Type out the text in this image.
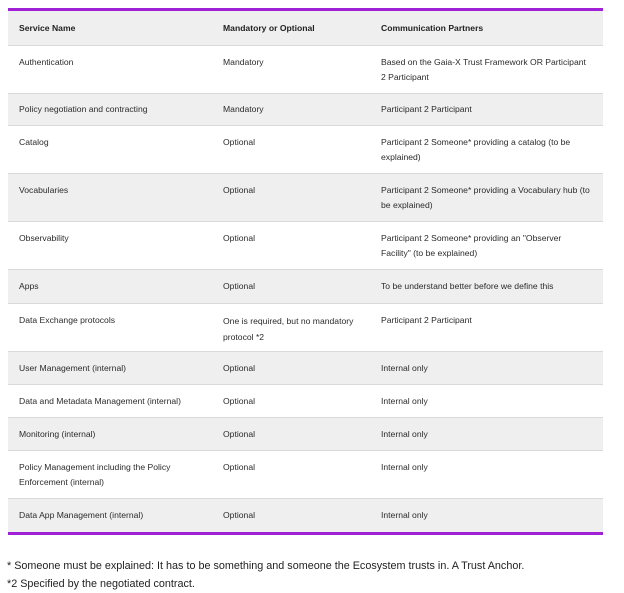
Service Name	Mandatory or Optional	Communication Partners

Authentication	Mandatory	Based on the Gaia-X Trust Framework OR Participant 2 Participant

Policy negotiation and contracting	Mandatory	Participant 2 Participant

Catalog	Optional	Participant 2 Someone* providing a catalog (to be explained)

Vocabularies	Optional	Participant 2 Someone* providing a Vocabulary hub (to be explained)

Observability	Optional	Participant 2 Someone* providing an "Observer Facility" (to be explained)

Apps	Optional	To be understand better before we define this

Data Exchange protocols	One is required, but no mandatory protocol *2	Participant 2 Participant

User Management (internal)	Optional	Internal only

Data and Metadata Management (internal)	Optional	Internal only

Monitoring (internal)	Optional	Internal only

Policy Management including the Policy Enforcement (internal)	Optional	Internal only

Data App Management (internal)	Optional	Internal only

* Someone must be explained: It has to be something and someone the Ecosystem trusts in. A Trust Anchor.

*2 Specified by the negotiated contract.
